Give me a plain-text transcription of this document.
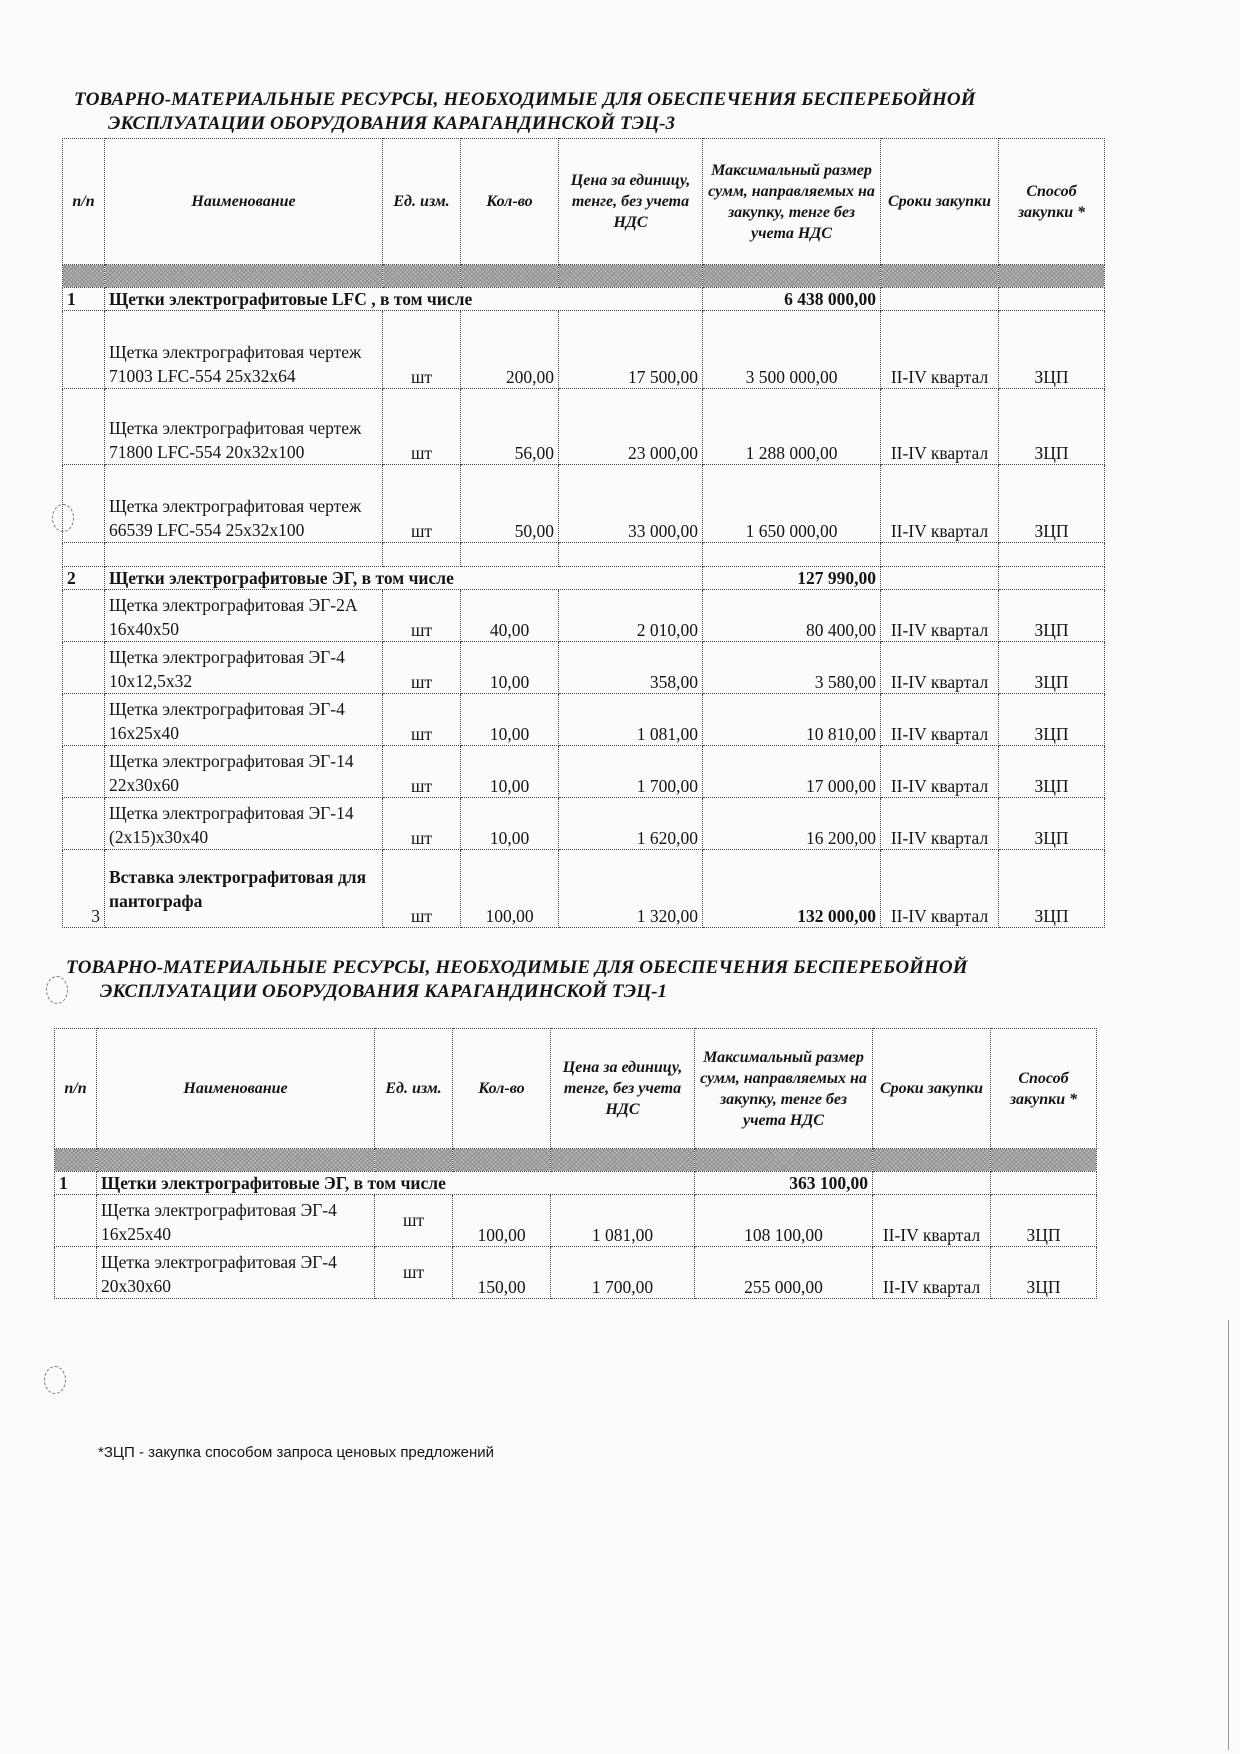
ТОВАРНО-МАТЕРИАЛЬНЫЕ РЕСУРСЫ, НЕОБХОДИМЫЕ ДЛЯ ОБЕСПЕЧЕНИЯ БЕСПЕРЕБОЙНОЙ
ЭКСПЛУАТАЦИИ ОБОРУДОВАНИЯ КАРАГАНДИНСКОЙ ТЭЦ-3
п/п	Наименование	Ед. изм.	Кол-во	Цена за единицу, тенге, без учета НДС	Максимальный размер сумм, направляемых на закупку, тенге без учета НДС	Сроки закупки	Способ закупки *

1	Щетки электрографитовые LFC , в том числе				6 438 000,00		
	Щетка электрографитовая чертеж 71003 LFC-554 25x32x64	шт	200,00	17 500,00	3 500 000,00	II-IV квартал	ЗЦП
	Щетка электрографитовая чертеж 71800 LFC-554 20x32x100	шт	56,00	23 000,00	1 288 000,00	II-IV квартал	ЗЦП
	Щетка электрографитовая чертеж 66539 LFC-554 25x32x100	шт	50,00	33 000,00	1 650 000,00	II-IV квартал	ЗЦП

2	Щетки электрографитовые ЭГ, в том числе				127 990,00		
	Щетка электрографитовая ЭГ-2А 16x40x50	шт	40,00	2 010,00	80 400,00	II-IV квартал	ЗЦП
	Щетка электрографитовая ЭГ-4 10x12,5x32	шт	10,00	358,00	3 580,00	II-IV квартал	ЗЦП
	Щетка электрографитовая ЭГ-4 16x25x40	шт	10,00	1 081,00	10 810,00	II-IV квартал	ЗЦП
	Щетка электрографитовая ЭГ-14 22x30x60	шт	10,00	1 700,00	17 000,00	II-IV квартал	ЗЦП
	Щетка электрографитовая ЭГ-14 (2x15)x30x40	шт	10,00	1 620,00	16 200,00	II-IV квартал	ЗЦП
3	Вставка электрографитовая для пантографа	шт	100,00	1 320,00	132 000,00	II-IV квартал	ЗЦП
ТОВАРНО-МАТЕРИАЛЬНЫЕ РЕСУРСЫ, НЕОБХОДИМЫЕ ДЛЯ ОБЕСПЕЧЕНИЯ БЕСПЕРЕБОЙНОЙ
ЭКСПЛУАТАЦИИ ОБОРУДОВАНИЯ КАРАГАНДИНСКОЙ ТЭЦ-1
п/п	Наименование	Ед. изм.	Кол-во	Цена за единицу, тенге, без учета НДС	Максимальный размер сумм, направляемых на закупку, тенге без учета НДС	Сроки закупки	Способ закупки *

1	Щетки электрографитовые ЭГ, в том числе				363 100,00		
	Щетка электрографитовая ЭГ-4 16x25x40	шт	100,00	1 081,00	108 100,00	II-IV квартал	ЗЦП
	Щетка электрографитовая ЭГ-4 20x30x60	шт	150,00	1 700,00	255 000,00	II-IV квартал	ЗЦП
*ЗЦП - закупка способом запроса ценовых предложений
